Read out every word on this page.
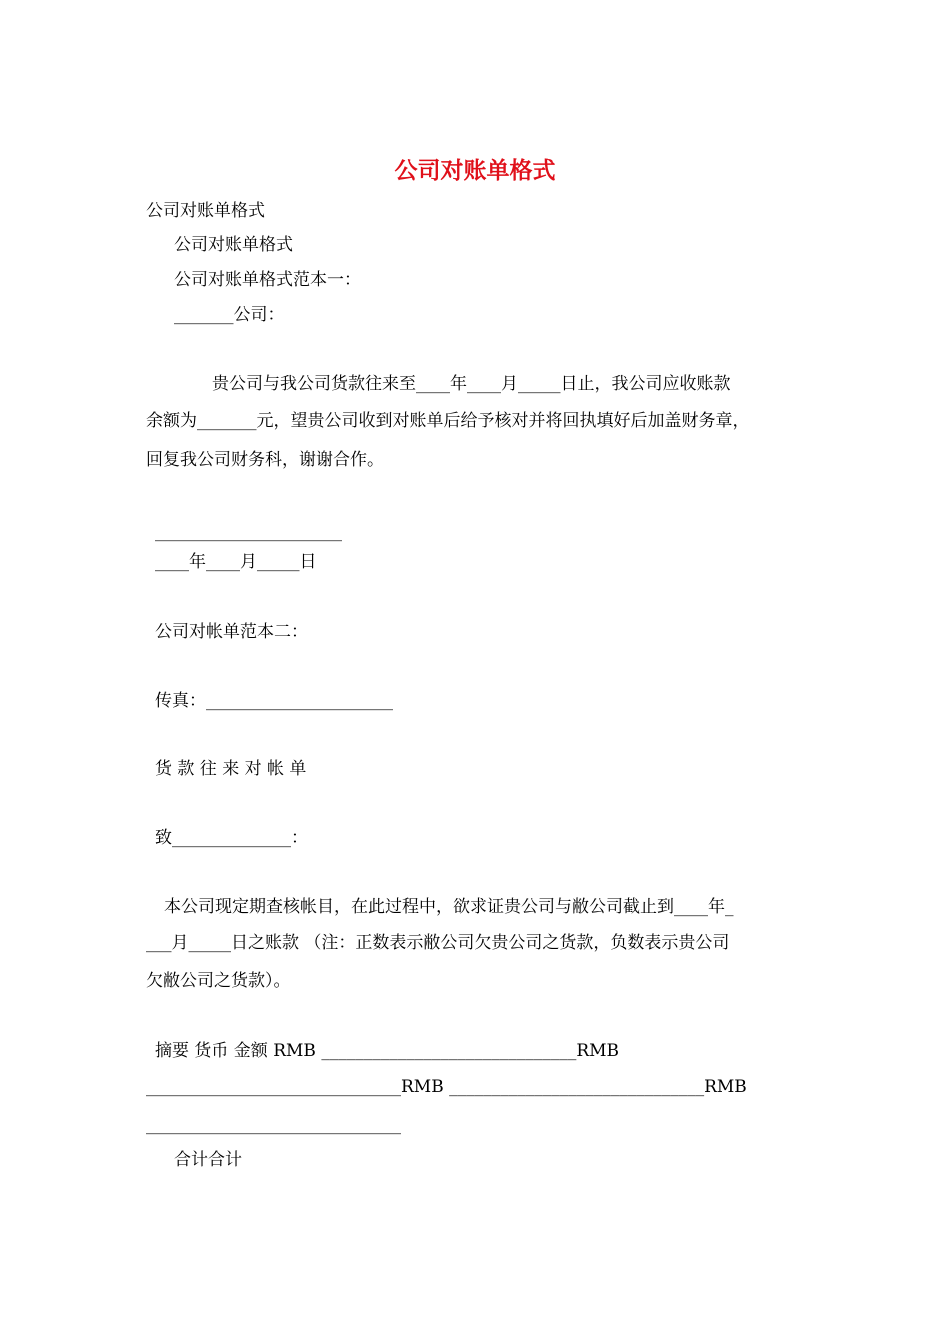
公司对账单格式
公司对账单格式
公司对账单格式
公司对账单格式范本一：
_______公司：
贵公司与我公司货款往来至____年____月_____日止，我公司应收账款
余额为_______元，望贵公司收到对账单后给予核对并将回执填好后加盖财务章，
回复我公司财务科，谢谢合作。
______________________
____年____月_____日
公司对帐单范本二：
传真：______________________
货 款 往 来 对 帐 单
致______________：
本公司现定期查核帐目，在此过程中，欲求证贵公司与敝公司截止到____年_
___月_____日之账款 （注：正数表示敝公司欠贵公司之货款，负数表示贵公司
欠敝公司之货款）。
摘要 货币 金额 RMB ______________________________RMB
______________________________RMB ______________________________RMB
______________________________
合计合计
